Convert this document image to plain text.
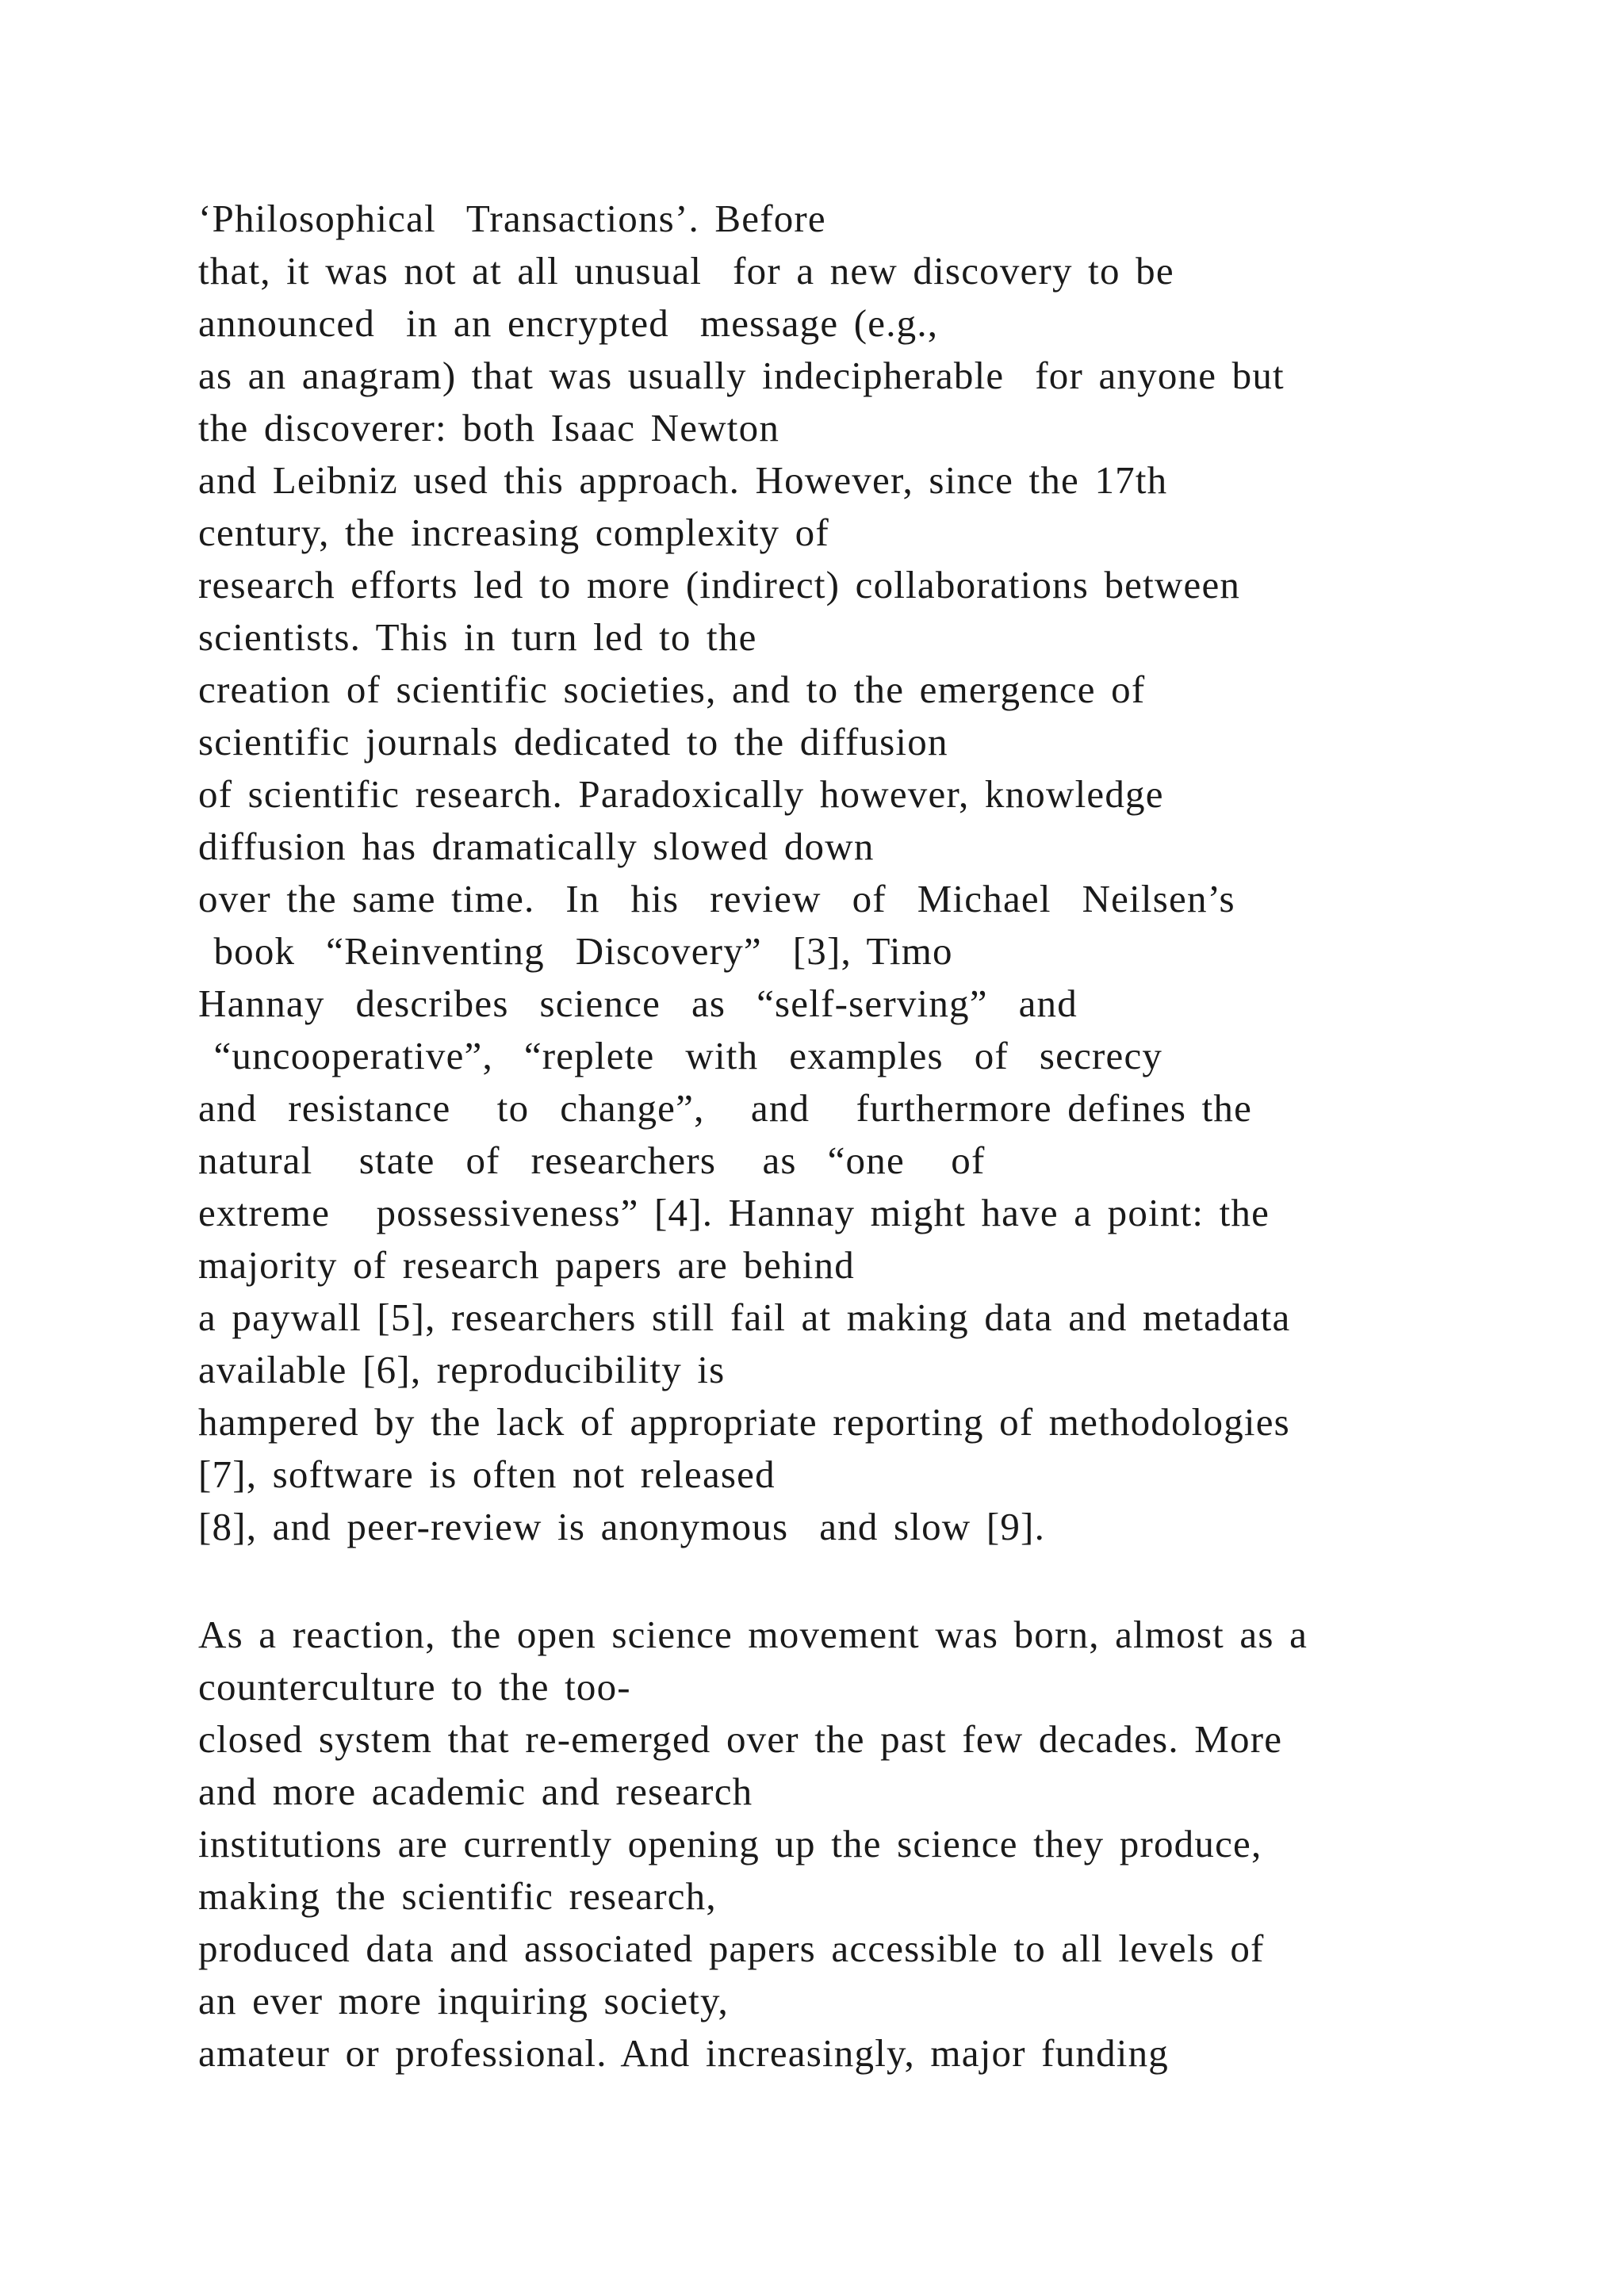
‘Philosophical  Transactions’. Before
that, it was not at all unusual  for a new discovery to be
announced  in an encrypted  message (e.g.,
as an anagram) that was usually indecipherable  for anyone but
the discoverer: both Isaac Newton
and Leibniz used this approach. However, since the 17th
century, the increasing complexity of
research efforts led to more (indirect) collaborations between
scientists. This in turn led to the
creation of scientific societies, and to the emergence of
scientific journals dedicated to the diffusion
of scientific research. Paradoxically however, knowledge
diffusion has dramatically slowed down
over the same time.  In  his  review  of  Michael  Neilsen’s
book  “Reinventing  Discovery”  [3], Timo
Hannay  describes  science  as  “self-serving”  and
“uncooperative”,  “replete  with  examples  of  secrecy
and  resistance   to  change”,   and   furthermore defines the
natural   state  of  researchers   as  “one   of
extreme   possessiveness” [4]. Hannay might have a point: the
majority of research papers are behind
a paywall [5], researchers still fail at making data and metadata
available [6], reproducibility is
hampered by the lack of appropriate reporting of methodologies
[7], software is often not released
[8], and peer-review is anonymous  and slow [9].
As a reaction, the open science movement was born, almost as a
counterculture to the too-
closed system that re-emerged over the past few decades. More
and more academic and research
institutions are currently opening up the science they produce,
making the scientific research,
produced data and associated papers accessible to all levels of
an ever more inquiring society,
amateur or professional. And increasingly, major funding
